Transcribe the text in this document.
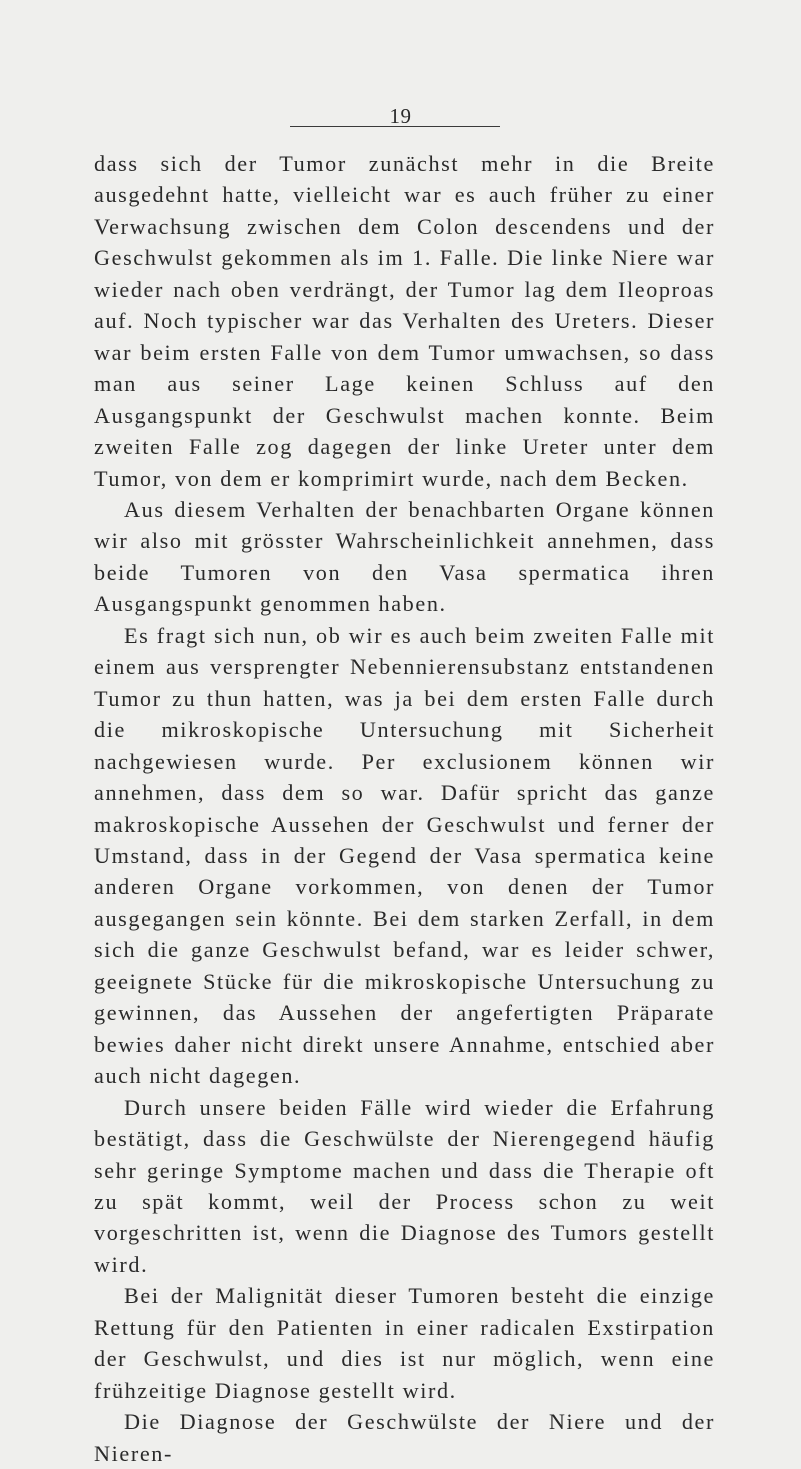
19

dass sich der Tumor zunächst mehr in die Breite ausgedehnt hatte, vielleicht war es auch früher zu einer Verwachsung zwischen dem Colon descendens und der Geschwulst gekommen als im 1. Falle. Die linke Niere war wieder nach oben verdrängt, der Tumor lag dem Ileoproas auf. Noch typischer war das Verhalten des Ureters. Dieser war beim ersten Falle von dem Tumor umwachsen, so dass man aus seiner Lage keinen Schluss auf den Ausgangspunkt der Geschwulst machen konnte. Beim zweiten Falle zog dagegen der linke Ureter unter dem Tumor, von dem er komprimirt wurde, nach dem Becken.

Aus diesem Verhalten der benachbarten Organe können wir also mit grösster Wahrscheinlichkeit annehmen, dass beide Tumoren von den Vasa spermatica ihren Ausgangspunkt genommen haben.

Es fragt sich nun, ob wir es auch beim zweiten Falle mit einem aus versprengter Nebennierensubstanz entstandenen Tumor zu thun hatten, was ja bei dem ersten Falle durch die mikroskopische Untersuchung mit Sicherheit nachgewiesen wurde. Per exclusionem können wir annehmen, dass dem so war. Dafür spricht das ganze makroskopische Aussehen der Geschwulst und ferner der Umstand, dass in der Gegend der Vasa spermatica keine anderen Organe vorkommen, von denen der Tumor ausgegangen sein könnte. Bei dem starken Zerfall, in dem sich die ganze Geschwulst befand, war es leider schwer, geeignete Stücke für die mikroskopische Untersuchung zu gewinnen, das Aussehen der angefertigten Präparate bewies daher nicht direkt unsere Annahme, entschied aber auch nicht dagegen.

Durch unsere beiden Fälle wird wieder die Erfahrung bestätigt, dass die Geschwülste der Nierengegend häufig sehr geringe Symptome machen und dass die Therapie oft zu spät kommt, weil der Process schon zu weit vorgeschritten ist, wenn die Diagnose des Tumors gestellt wird.

Bei der Malignität dieser Tumoren besteht die einzige Rettung für den Patienten in einer radicalen Exstirpation der Geschwulst, und dies ist nur möglich, wenn eine frühzeitige Diagnose gestellt wird.

Die Diagnose der Geschwülste der Niere und der Nieren-
